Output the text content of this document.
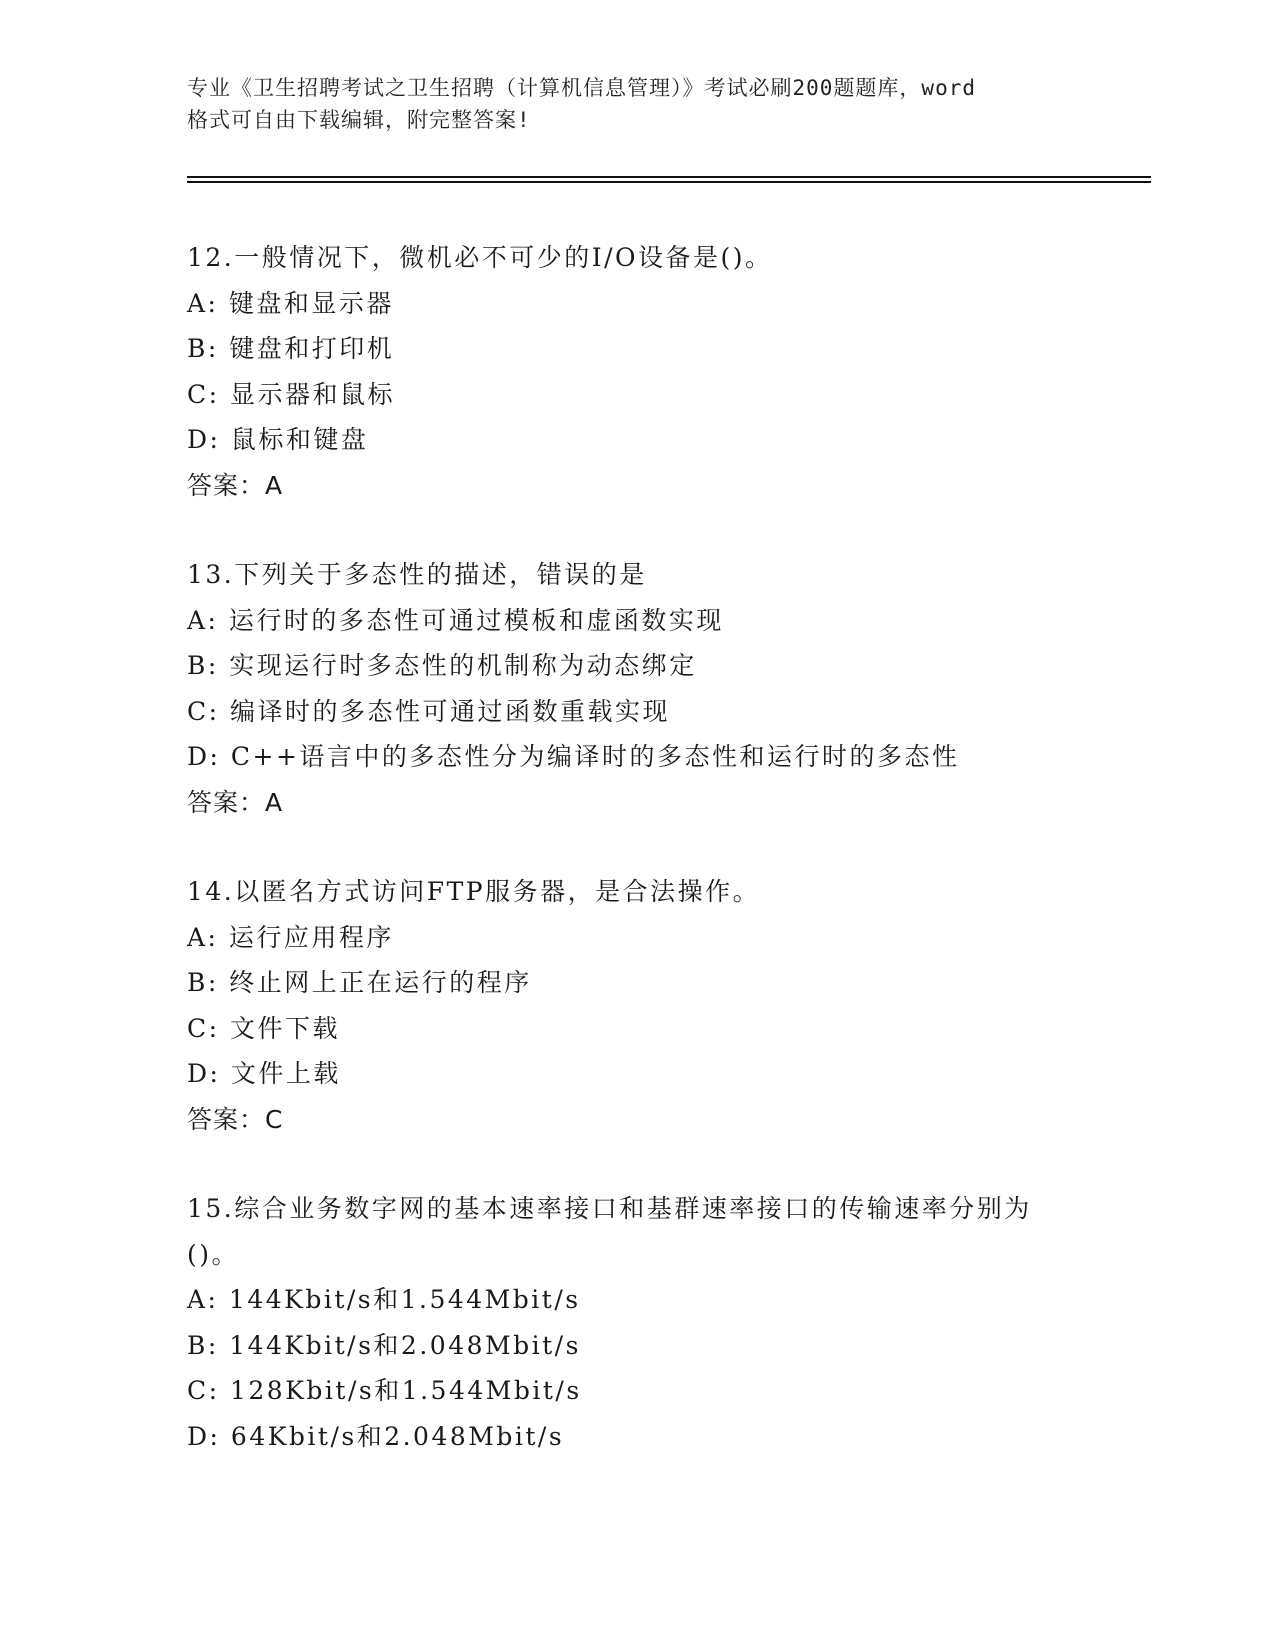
专业《卫生招聘考试之卫生招聘（计算机信息管理）》考试必刷200题题库，word
格式可自由下载编辑，附完整答案!
12.一般情况下，微机必不可少的I/O设备是()。
A: 键盘和显示器
B: 键盘和打印机
C: 显示器和鼠标
D: 鼠标和键盘
答案：A
13.下列关于多态性的描述，错误的是
A: 运行时的多态性可通过模板和虚函数实现
B: 实现运行时多态性的机制称为动态绑定
C: 编译时的多态性可通过函数重载实现
D: C++语言中的多态性分为编译时的多态性和运行时的多态性
答案：A
14.以匿名方式访问FTP服务器，是合法操作。
A: 运行应用程序
B: 终止网上正在运行的程序
C: 文件下载
D: 文件上载
答案：C
15.综合业务数字网的基本速率接口和基群速率接口的传输速率分别为
()。
A: 144Kbit/s和1.544Mbit/s
B: 144Kbit/s和2.048Mbit/s
C: 128Kbit/s和1.544Mbit/s
D: 64Kbit/s和2.048Mbit/s
